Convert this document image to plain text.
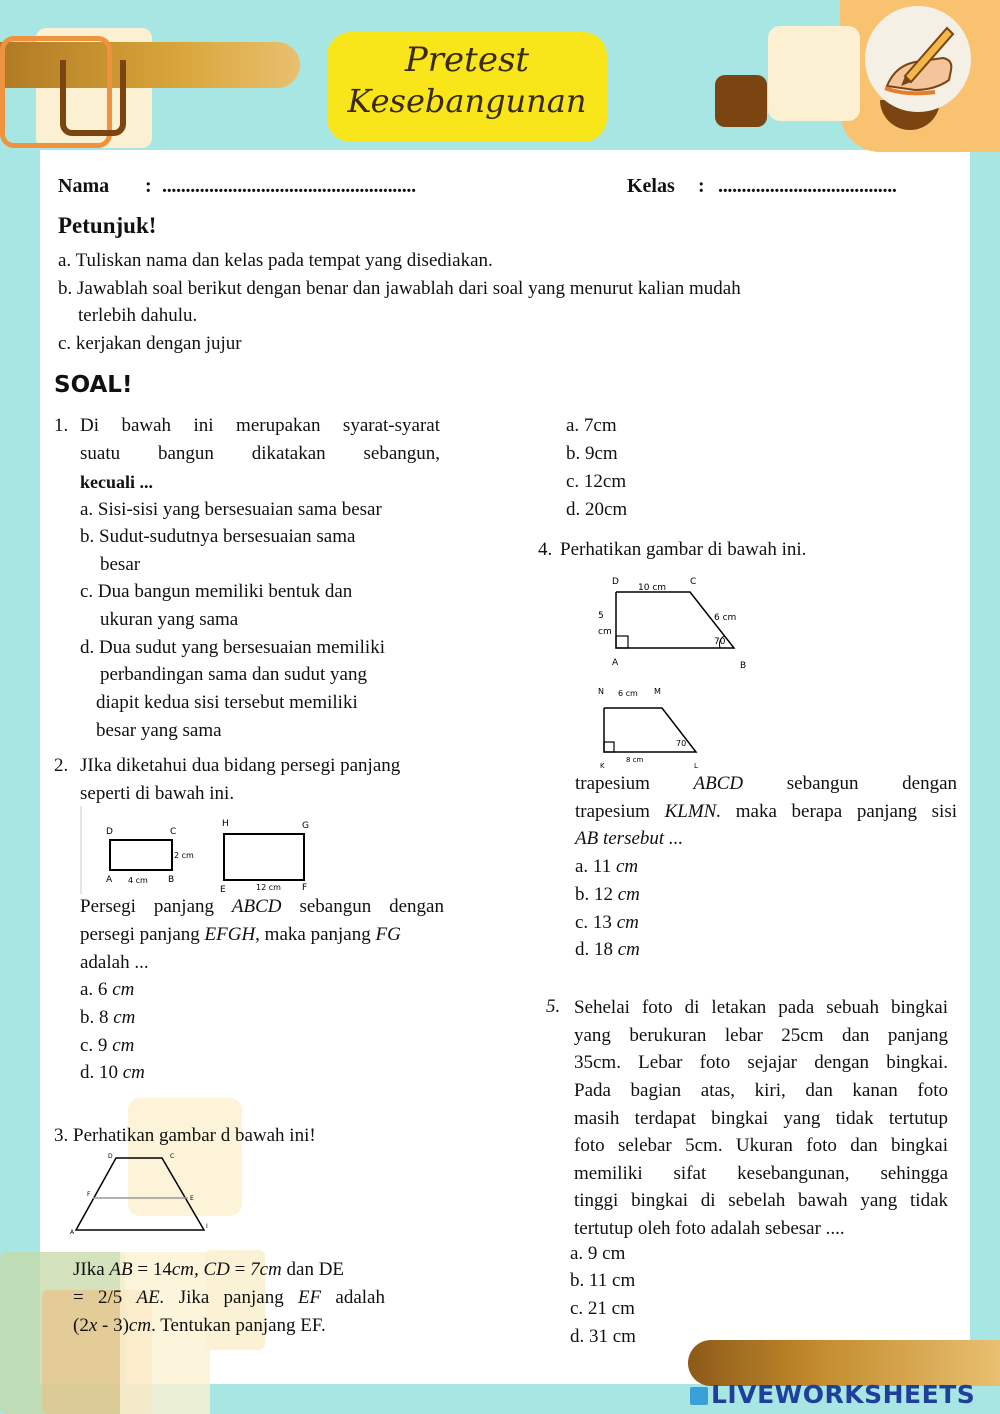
Pretest
Kesebangunan
Nama : ......................................................	Kelas : ......................................
Petunjuk!
a. Tuliskan nama dan kelas pada tempat yang disediakan.
b. Jawablah soal berikut dengan benar dan jawablah dari soal yang menurut kalian mudah
terlebih dahulu.
c. kerjakan dengan jujur
SOAL!
1. Di bawah ini merupakan syarat-syarat
suatu bangun dikatakan sebangun,
kecuali ...
a. Sisi-sisi yang bersesuaian sama besar
b. Sudut-sudutnya bersesuaian sama
besar
c. Dua bangun memiliki bentuk dan
ukuran yang sama
d. Dua sudut yang bersesuaian memiliki
perbandingan sama dan sudut yang
diapit kedua sisi tersebut memiliki
besar yang sama
2. JIka diketahui dua bidang persegi panjang
seperti di bawah ini.
D	C
A	B
4 cm
2 cm
H	G
E	F
12 cm
Persegi panjang ABCD sebangun dengan
persegi panjang EFGH, maka panjang FG
adalah ...
a. 6 cm
b. 8 cm
c. 9 cm
d. 10 cm
3. Perhatikan gambar d bawah ini!
D	C
F
E
A
I
JIka AB = 14cm, CD = 7cm dan DE
= 2/5 AE. Jika panjang EF adalah
(2x - 3)cm. Tentukan panjang EF.
a. 7cm
b. 9cm
c. 12cm
d. 20cm
4. Perhatikan gambar di bawah ini.
D	C
10 cm
5
cm
6 cm
70
A	B
N	M
6 cm
70
8 cm
K	L
trapesium ABCD sebangun dengan
trapesium KLMN. maka berapa panjang sisi
AB tersebut ...
a. 11 cm
b. 12 cm
c. 13 cm
d. 18 cm
5. Sehelai foto di letakan pada sebuah bingkai
yang berukuran lebar 25cm dan panjang
35cm. Lebar foto sejajar dengan bingkai.
Pada bagian atas, kiri, dan kanan foto
masih terdapat bingkai yang tidak tertutup
foto selebar 5cm. Ukuran foto dan bingkai
memiliki sifat kesebangunan, sehingga
tinggi bingkai di sebelah bawah yang tidak
tertutup oleh foto adalah sebesar ....
a. 9 cm
b. 11 cm
c. 21 cm
d. 31 cm
LIVEWORKSHEETS
